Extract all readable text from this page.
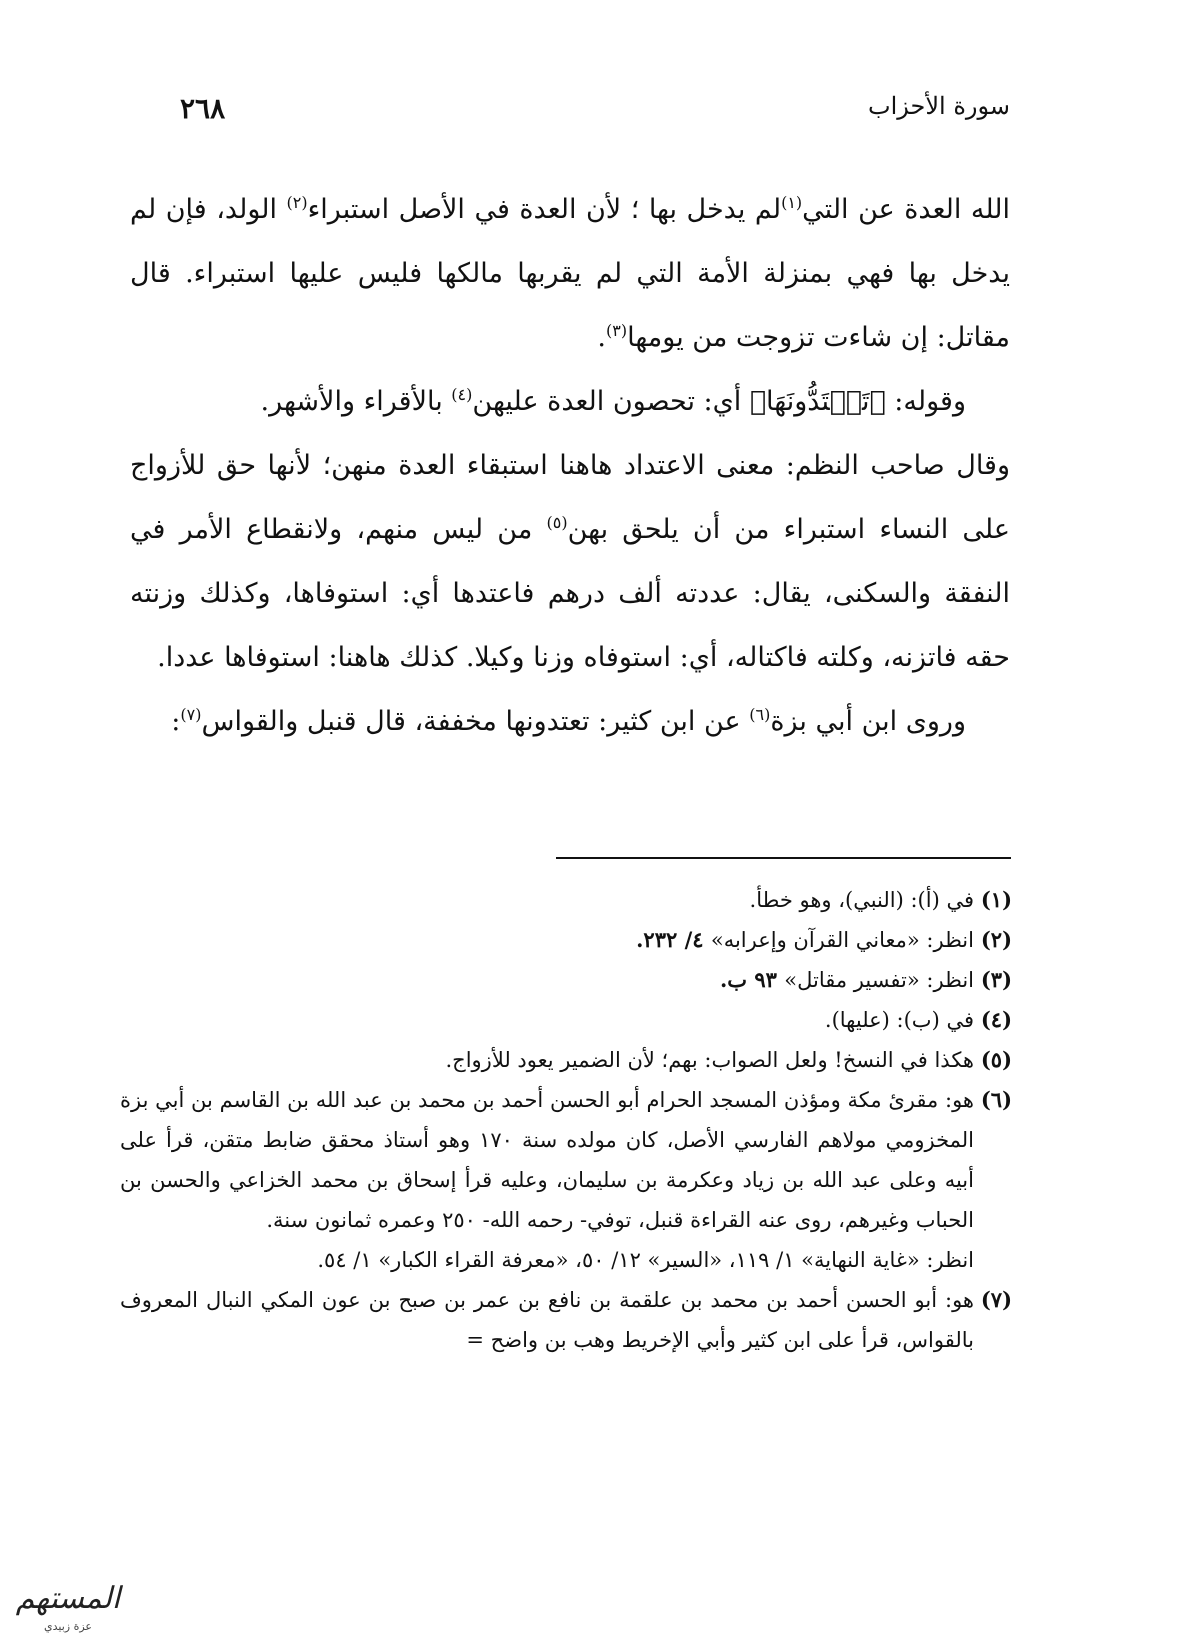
سورة الأحزاب
٢٦٨

الله العدة عن التي$^{(١)}$لم يدخل بها ؛ لأن العدة في الأصل استبراء$^{(٢)}$ الولد، فإن لم يدخل بها فهي بمنزلة الأمة التي لم يقربها مالكها فليس عليها استبراء. قال مقاتل: إن شاءت تزوجت من يومها$^{(٣)}$.

وقوله: ﴿تَعۡتَدُّونَهَا﴾ أي: تحصون العدة عليهن$^{(٤)}$ بالأقراء والأشهر.

وقال صاحب النظم: معنى الاعتداد هاهنا استبقاء العدة منهن؛ لأنها حق للأزواج على النساء استبراء من أن يلحق بهن$^{(٥)}$ من ليس منهم، ولانقطاع الأمر في النفقة والسكنى، يقال: عددته ألف درهم فاعتدها أي: استوفاها، وكذلك وزنته حقه فاتزنه، وكلته فاكتاله، أي: استوفاه وزنا وكيلا. كذلك هاهنا: استوفاها عددا.

وروى ابن أبي بزة$^{(٦)}$ عن ابن كثير: تعتدونها مخففة، قال قنبل والقواس$^{(٧)}$:

(١)
في (أ): (النبي)، وهو خطأ.
(٢)
انظر: «معاني القرآن وإعرابه» ٤/ ٢٣٢.
(٣)
انظر: «تفسير مقاتل» ٩٣ ب.
(٤)
في (ب): (عليها).
(٥)
هكذا في النسخ! ولعل الصواب: بهم؛ لأن الضمير يعود للأزواج.
(٦)
هو: مقرئ مكة ومؤذن المسجد الحرام أبو الحسن أحمد بن محمد بن عبد الله بن القاسم بن أبي بزة المخزومي مولاهم الفارسي الأصل، كان مولده سنة ١٧٠ وهو أستاذ محقق ضابط متقن، قرأ على أبيه وعلى عبد الله بن زياد وعكرمة بن سليمان، وعليه قرأ إسحاق بن محمد الخزاعي والحسن بن الحباب وغيرهم، روى عنه القراءة قنبل، توفي- رحمه الله- ٢٥٠ وعمره ثمانون سنة.
انظر: «غاية النهاية» ١/ ١١٩، «السير» ١٢/ ٥٠، «معرفة القراء الكبار» ١/ ٥٤.
(٧)
هو: أبو الحسن أحمد بن محمد بن علقمة بن نافع بن عمر بن صبح بن عون المكي النبال المعروف بالقواس، قرأ على ابن كثير وأبي الإخريط وهب بن واضح =
المستهم
عزة زبيدي
